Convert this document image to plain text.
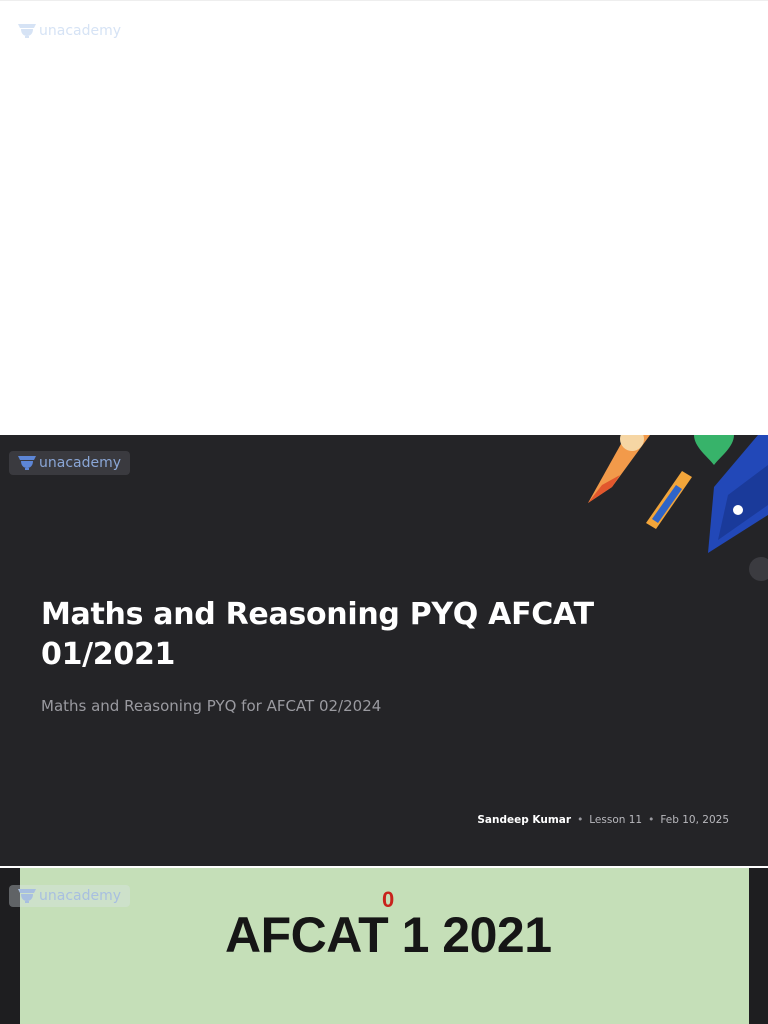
unacademy
unacademy
Maths and Reasoning PYQ AFCAT 01/2021

Maths and Reasoning PYQ for AFCAT 02/2024

Sandeep Kumar • Lesson 11 • Feb 10, 2025
0
AFCAT 1 2021
unacademy
